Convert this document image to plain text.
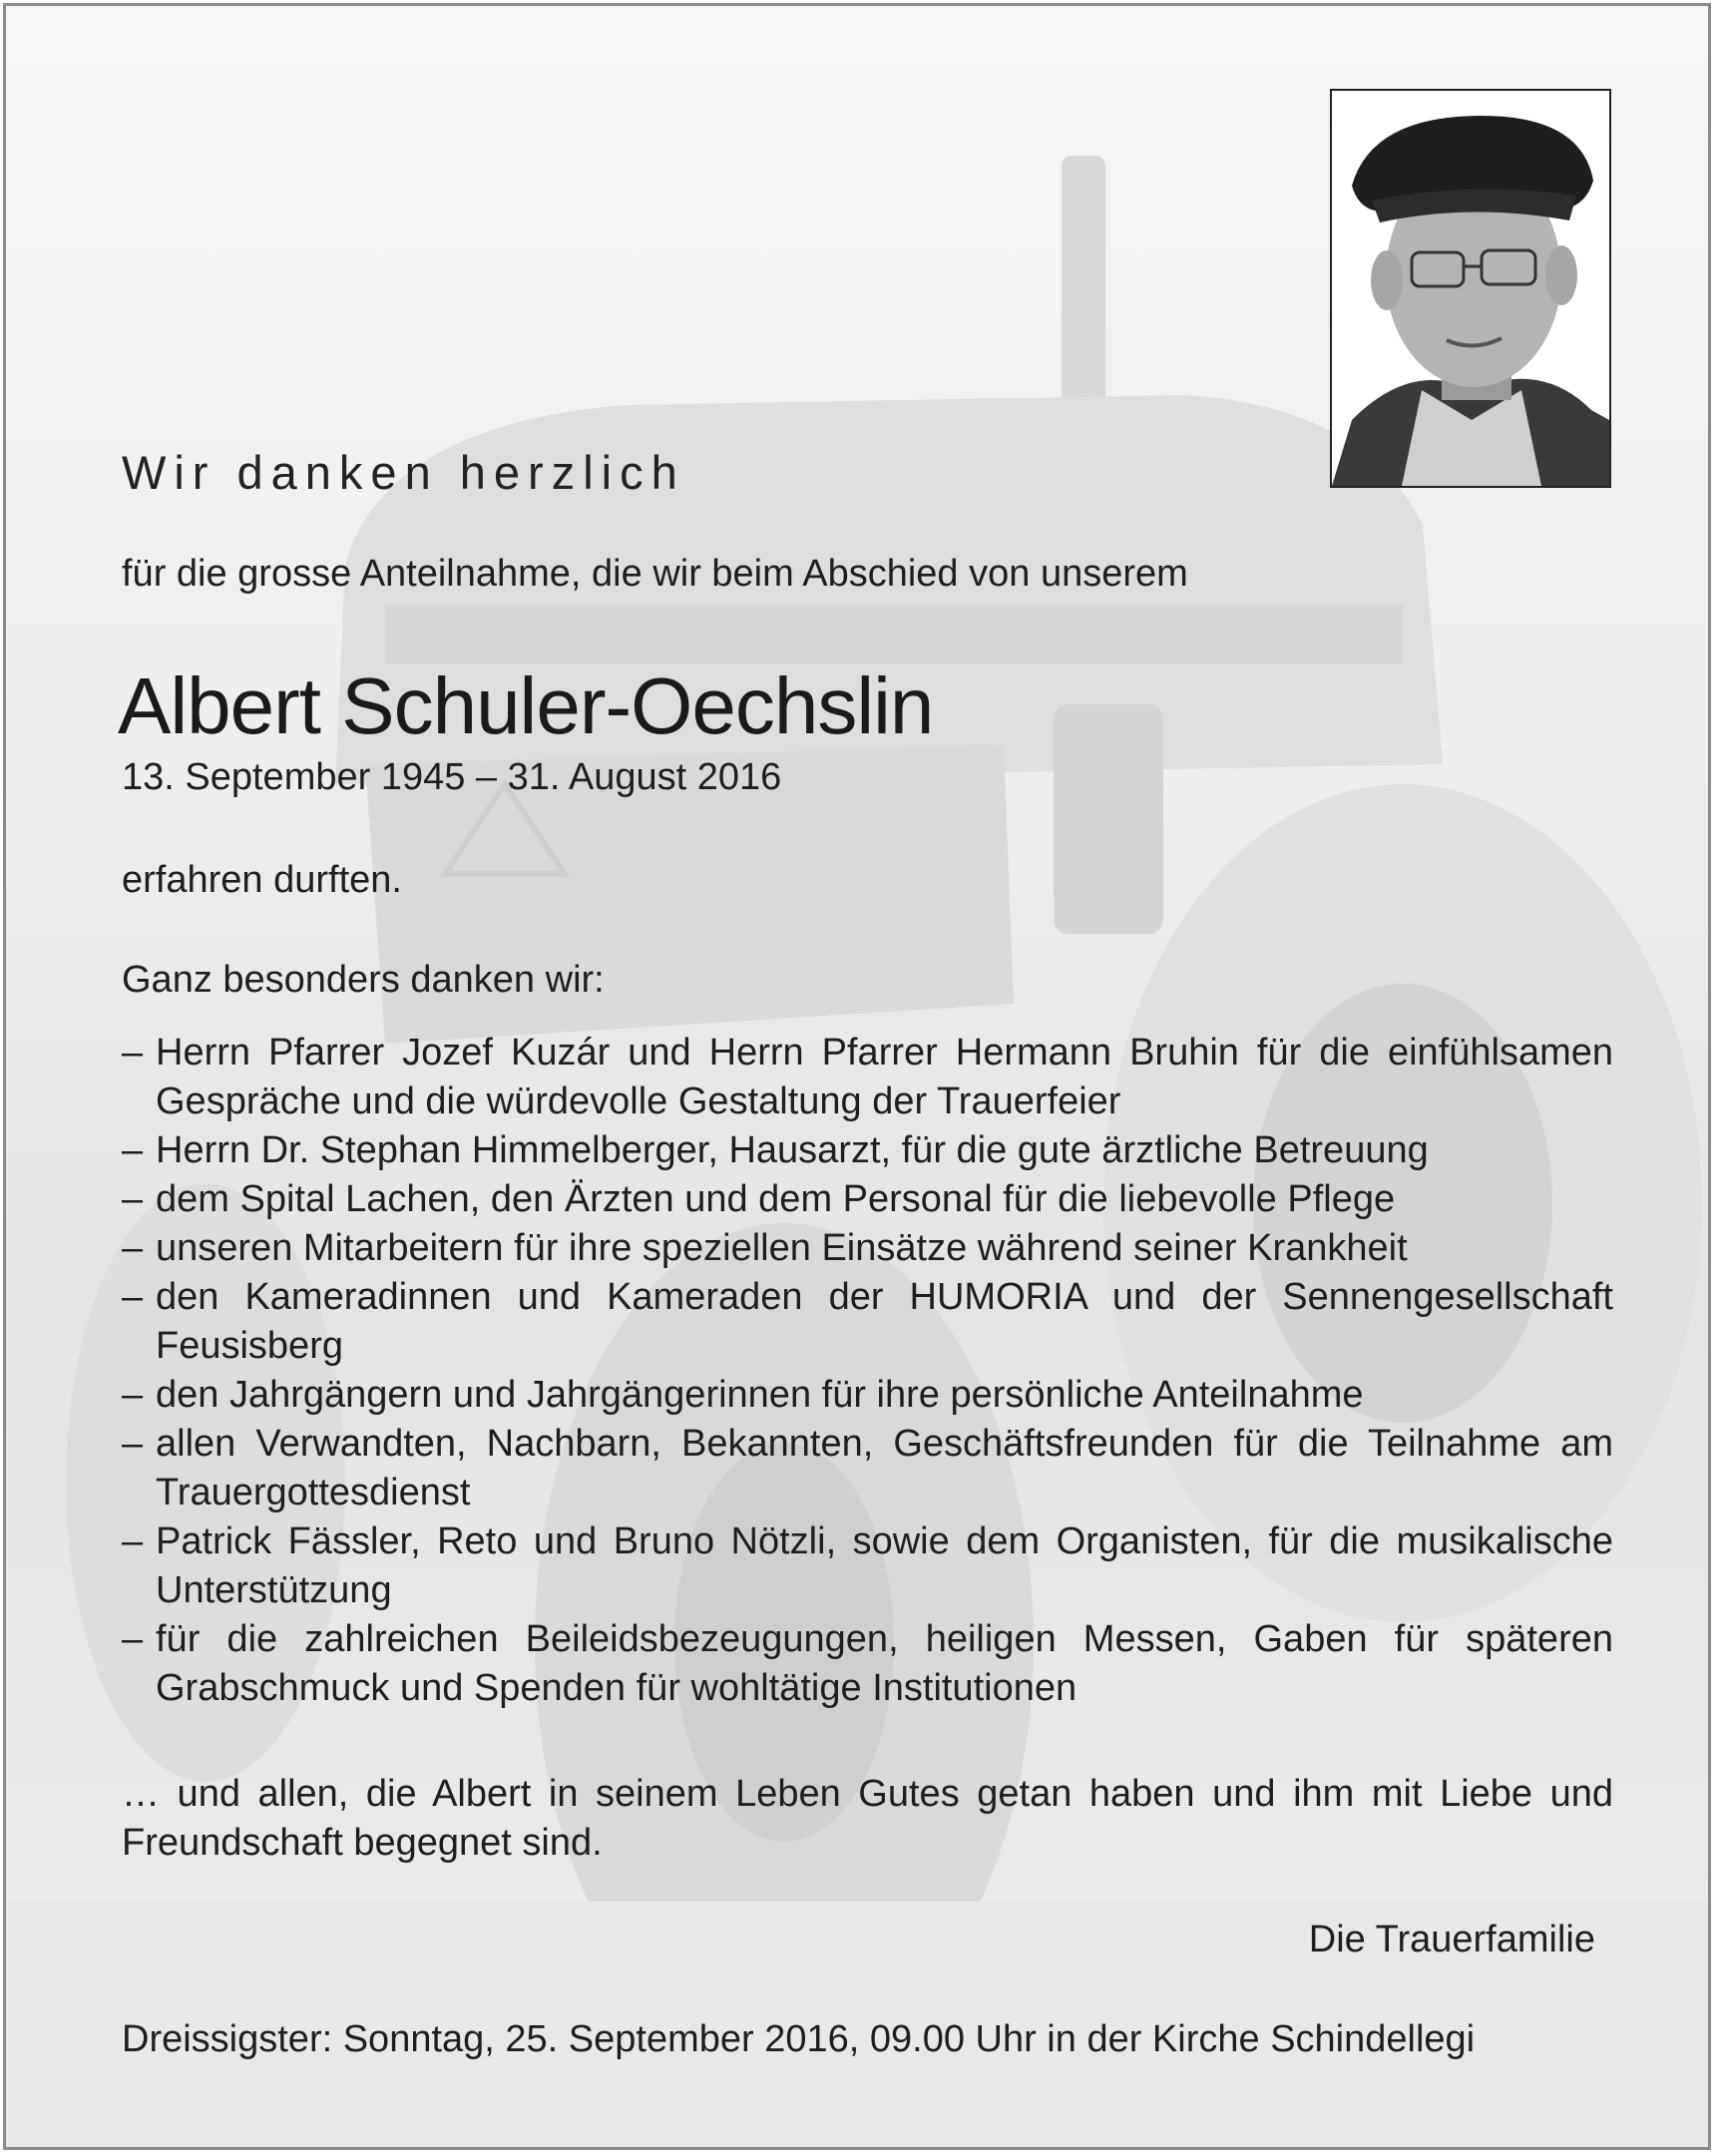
Wir danken herzlich
für die grosse Anteilnahme, die wir beim Abschied von unserem
Albert Schuler-Oechslin
13. September 1945 – 31. August 2016
erfahren durften.
Ganz besonders danken wir:
– Herrn Pfarrer Jozef Kuzár und Herrn Pfarrer Hermann Bruhin für die einfühlsamen Gespräche und die würdevolle Gestaltung der Trauerfeier
– Herrn Dr. Stephan Himmelberger, Hausarzt, für die gute ärztliche Betreuung
– dem Spital Lachen, den Ärzten und dem Personal für die liebevolle Pflege
– unseren Mitarbeitern für ihre speziellen Einsätze während seiner Krankheit
– den Kameradinnen und Kameraden der HUMORIA und der Sennengesellschaft Feusisberg
– den Jahrgängern und Jahrgängerinnen für ihre persönliche Anteilnahme
– allen Verwandten, Nachbarn, Bekannten, Geschäftsfreunden für die Teilnahme am Trauergottesdienst
– Patrick Fässler, Reto und Bruno Nötzli, sowie dem Organisten, für die musikalische Unterstützung
– für die zahlreichen Beileidsbezeugungen, heiligen Messen, Gaben für späteren Grabschmuck und Spenden für wohltätige Institutionen
… und allen, die Albert in seinem Leben Gutes getan haben und ihm mit Liebe und Freundschaft begegnet sind.
Die Trauerfamilie
Dreissigster: Sonntag, 25. September 2016, 09.00 Uhr in der Kirche Schindellegi
